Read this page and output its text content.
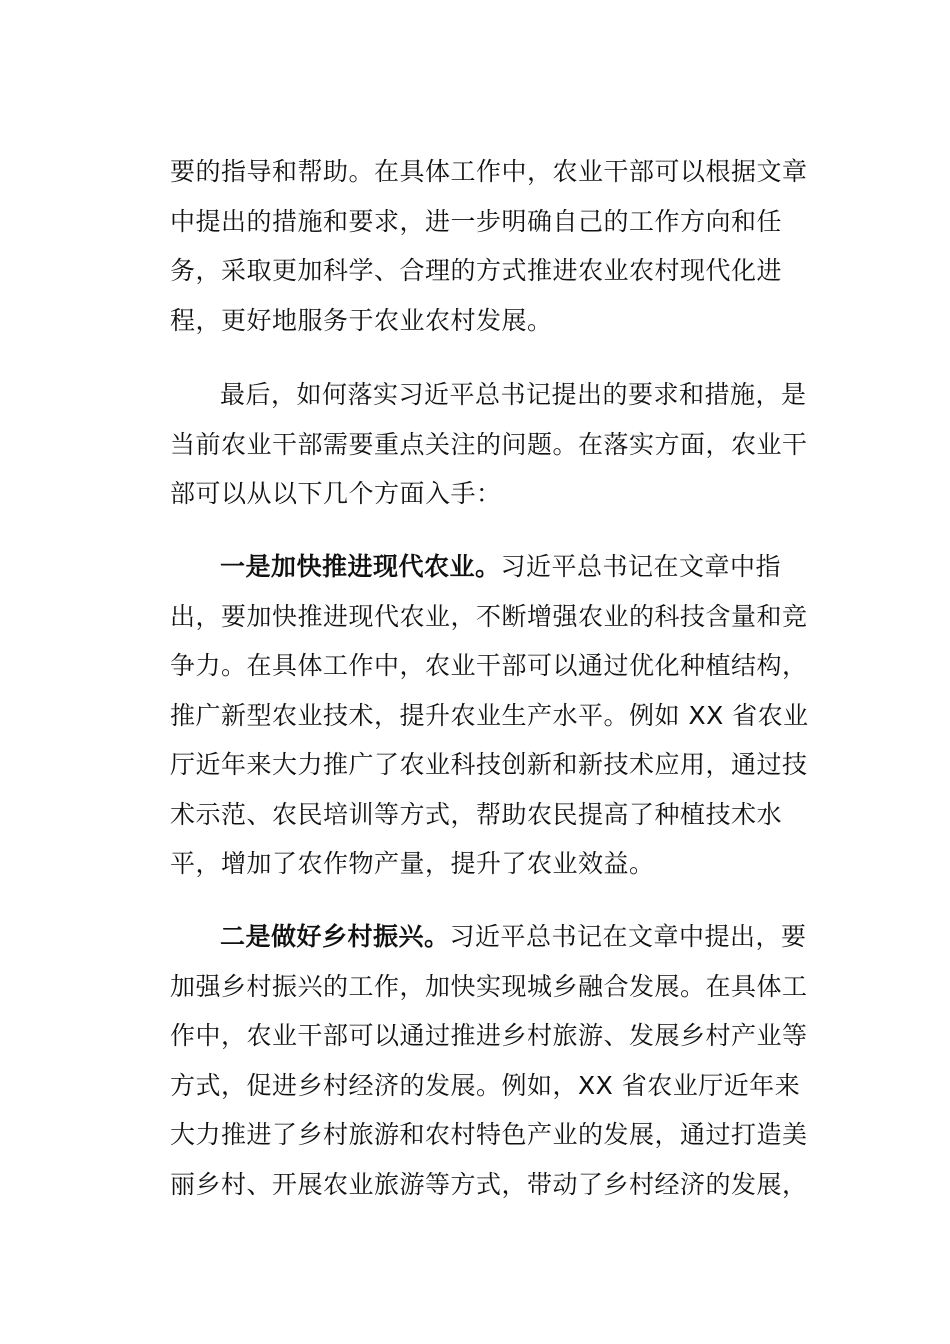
要的指导和帮助。在具体工作中，农业干部可以根据文章
中提出的措施和要求，进一步明确自己的工作方向和任
务，采取更加科学、合理的方式推进农业农村现代化进
程，更好地服务于农业农村发展。
最后，如何落实习近平总书记提出的要求和措施，是
当前农业干部需要重点关注的问题。在落实方面，农业干
部可以从以下几个方面入手：
一是加快推进现代农业。习近平总书记在文章中指
出，要加快推进现代农业，不断增强农业的科技含量和竞
争力。在具体工作中，农业干部可以通过优化种植结构，
推广新型农业技术，提升农业生产水平。例如 XX 省农业
厅近年来大力推广了农业科技创新和新技术应用，通过技
术示范、农民培训等方式，帮助农民提高了种植技术水
平，增加了农作物产量，提升了农业效益。
二是做好乡村振兴。习近平总书记在文章中提出，要
加强乡村振兴的工作，加快实现城乡融合发展。在具体工
作中，农业干部可以通过推进乡村旅游、发展乡村产业等
方式，促进乡村经济的发展。例如，XX 省农业厅近年来
大力推进了乡村旅游和农村特色产业的发展，通过打造美
丽乡村、开展农业旅游等方式，带动了乡村经济的发展，
